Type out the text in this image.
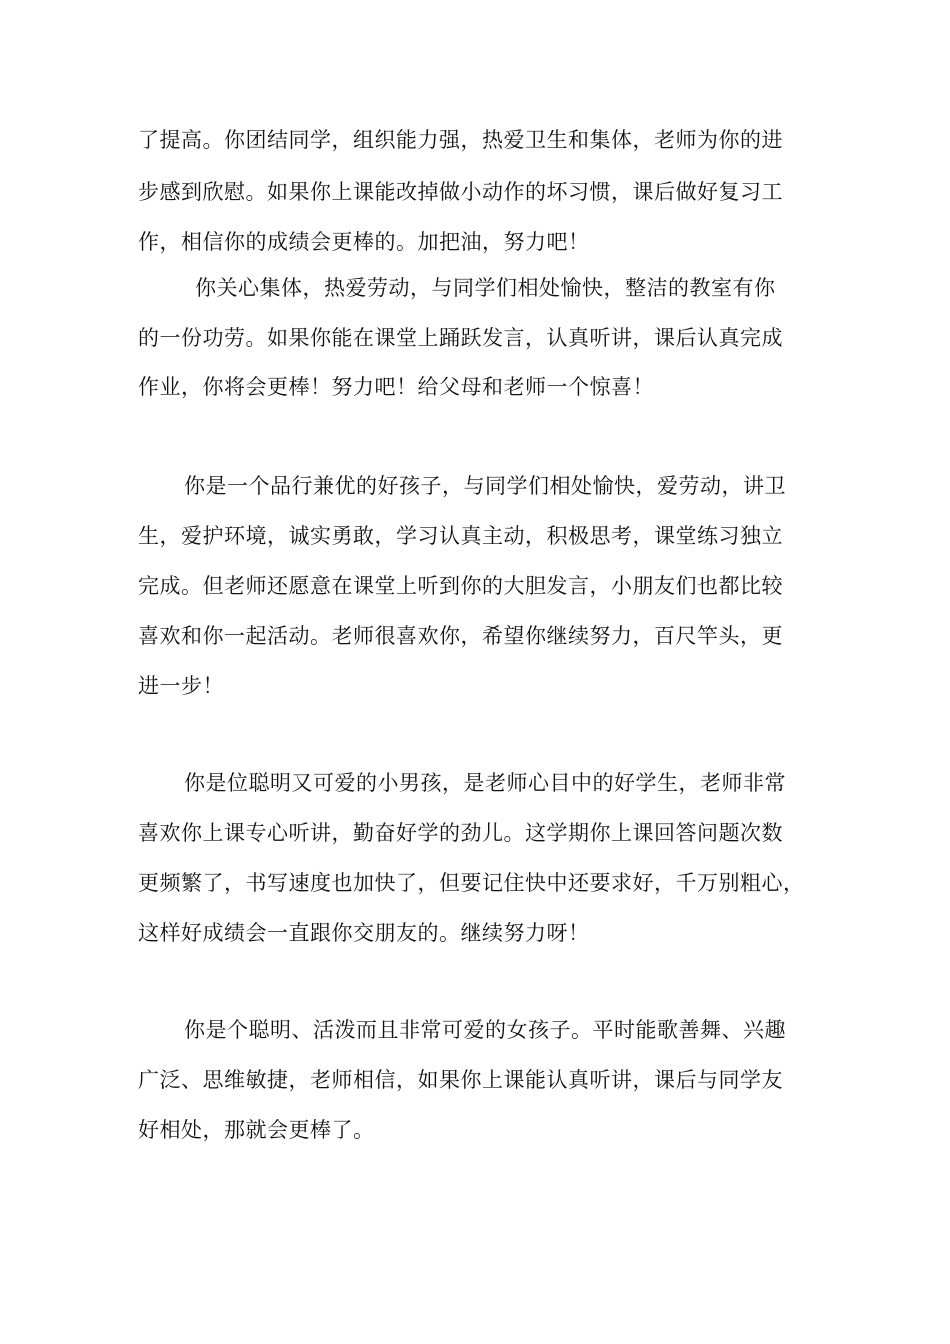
了提高。你团结同学，组织能力强，热爱卫生和集体，老师为你的进
步感到欣慰。如果你上课能改掉做小动作的坏习惯，课后做好复习工
作，相信你的成绩会更棒的。加把油，努力吧！
你关心集体，热爱劳动，与同学们相处愉快，整洁的教室有你
的一份功劳。如果你能在课堂上踊跃发言，认真听讲，课后认真完成
作业，你将会更棒！努力吧！给父母和老师一个惊喜！
你是一个品行兼优的好孩子，与同学们相处愉快，爱劳动，讲卫
生，爱护环境，诚实勇敢，学习认真主动，积极思考，课堂练习独立
完成。但老师还愿意在课堂上听到你的大胆发言，小朋友们也都比较
喜欢和你一起活动。老师很喜欢你，希望你继续努力，百尺竿头，更
进一步！
你是位聪明又可爱的小男孩，是老师心目中的好学生，老师非常
喜欢你上课专心听讲，勤奋好学的劲儿。这学期你上课回答问题次数
更频繁了，书写速度也加快了，但要记住快中还要求好，千万别粗心，
这样好成绩会一直跟你交朋友的。继续努力呀！
你是个聪明、活泼而且非常可爱的女孩子。平时能歌善舞、兴趣
广泛、思维敏捷，老师相信，如果你上课能认真听讲，课后与同学友
好相处，那就会更棒了。
